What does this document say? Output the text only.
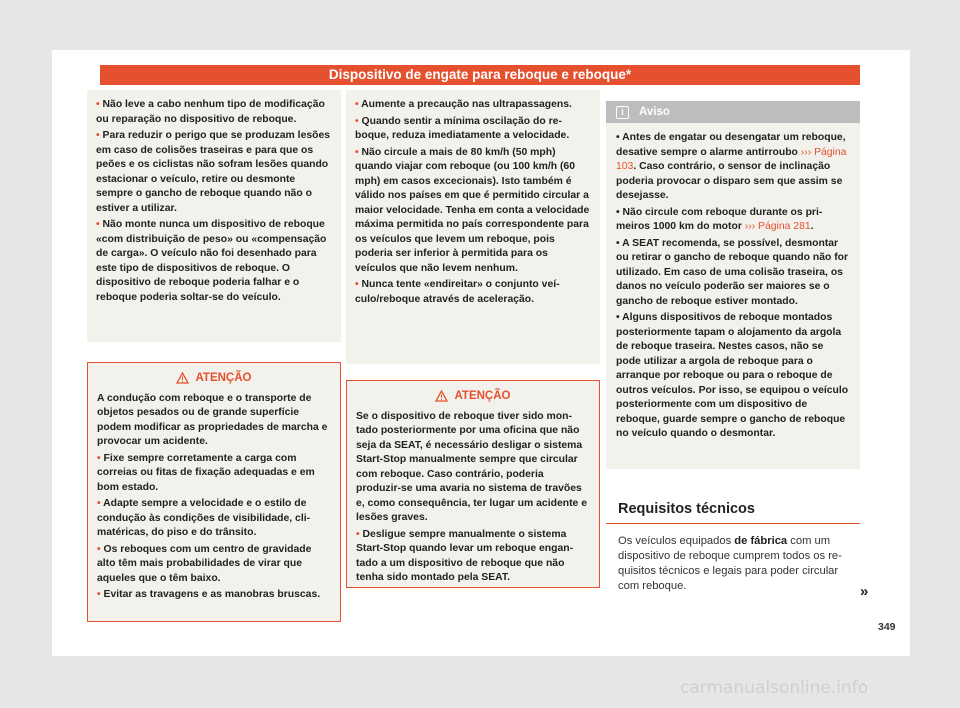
Dispositivo de engate para reboque e reboque*
• Não leve a cabo nenhum tipo de modificação ou reparação no dispositivo de reboque.
• Para reduzir o perigo que se produzam lesões em caso de colisões traseiras e para que os peões e os ciclistas não sofram lesões quando estacionar o veículo, retire ou desmonte sempre o gancho de reboque quando não o estiver a utilizar.
• Não monte nunca um dispositivo de reboque «com distribuição de peso» ou «compensação de carga». O veículo não foi desenhado para este tipo de dispositivos de reboque. O dispositivo de reboque poderia falhar e o reboque poderia soltar-se do veículo.
ATENÇÃO
A condução com reboque e o transporte de objetos pesados ou de grande superfície podem modificar as propriedades de marcha e provocar um acidente.
• Fixe sempre corretamente a carga com correias ou fitas de fixação adequadas e em bom estado.
• Adapte sempre a velocidade e o estilo de condução às condições de visibilidade, climatéricas, do piso e do trânsito.
• Os reboques com um centro de gravidade alto têm mais probabilidades de virar que aqueles que o têm baixo.
• Evitar as travagens e as manobras bruscas.
• Aumente a precaução nas ultrapassagens.
• Quando sentir a mínima oscilação do reboque, reduza imediatamente a velocidade.
• Não circule a mais de 80 km/h (50 mph) quando viajar com reboque (ou 100 km/h (60 mph) em casos excecionais). Isto também é válido nos países em que é permitido circular a maior velocidade. Tenha em conta a velocidade máxima permitida no país correspondente para os veículos que levem um reboque, pois poderia ser inferior à permitida para os veículos que não levem nenhum.
• Nunca tente «endireitar» o conjunto veículo/reboque através de aceleração.
ATENÇÃO
Se o dispositivo de reboque tiver sido montado posteriormente por uma oficina que não seja da SEAT, é necessário desligar o sistema Start-Stop manualmente sempre que circular com reboque. Caso contrário, poderia produzir-se uma avaria no sistema de travões e, como consequência, ter lugar um acidente e lesões graves.
• Desligue sempre manualmente o sistema Start-Stop quando levar um reboque engantado a um dispositivo de reboque que não tenha sido montado pela SEAT.
i	Aviso
• Antes de engatar ou desengatar um reboque, desative sempre o alarme antirroubo ››› Página 103. Caso contrário, o sensor de inclinação poderia provocar o disparo sem que assim se desejasse.
• Não circule com reboque durante os primeiros 1000 km do motor ››› Página 281.
• A SEAT recomenda, se possível, desmontar ou retirar o gancho de reboque quando não for utilizado. Em caso de uma colisão traseira, os danos no veículo poderão ser maiores se o gancho de reboque estiver montado.
• Alguns dispositivos de reboque montados posteriormente tapam o alojamento da argola de reboque traseira. Nestes casos, não se pode utilizar a argola de reboque para o arranque por reboque ou para o reboque de outros veículos. Por isso, se equipou o veículo posteriormente com um dispositivo de reboque, guarde sempre o gancho de reboque no veículo quando o desmontar.
Requisitos técnicos
Os veículos equipados de fábrica com um dispositivo de reboque cumprem todos os requisitos técnicos e legais para poder circular com reboque.	»
349
carmanualsonline.info
